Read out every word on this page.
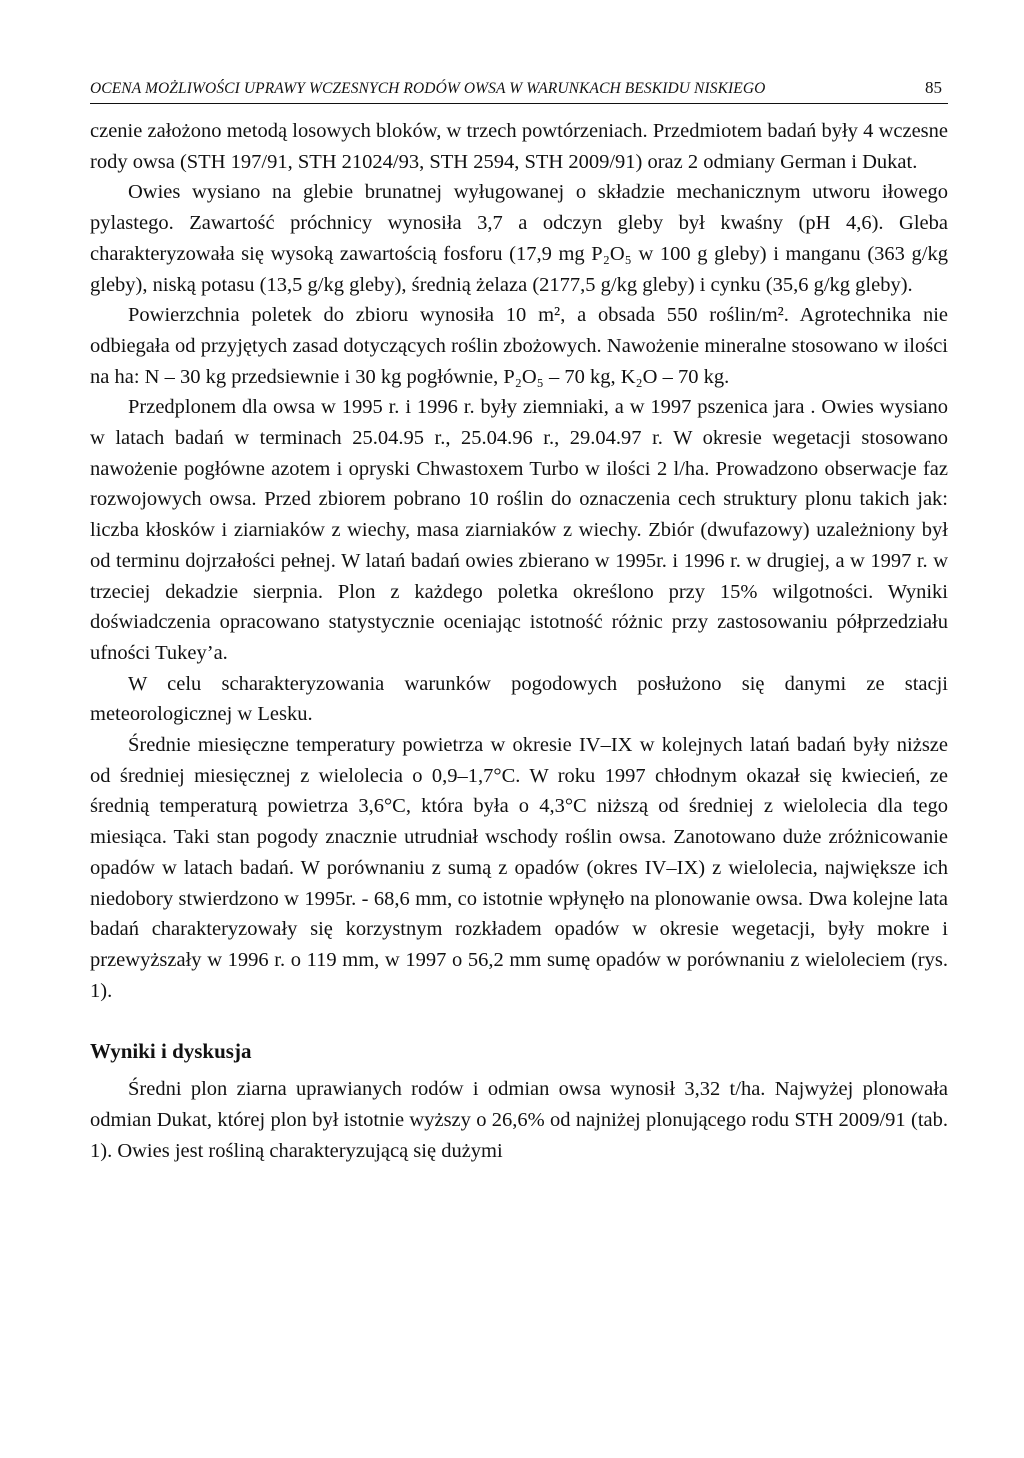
OCENA MOŻLIWOŚCI UPRAWY WCZESNYCH RODÓW OWSA W WARUNKACH BESKIDU NISKIEGO	85

czenie założono metodą losowych bloków, w trzech powtórzeniach. Przedmiotem badań były 4 wczesne rody owsa (STH 197/91, STH 21024/93, STH 2594, STH 2009/91) oraz 2 odmiany German i Dukat.

Owies wysiano na glebie brunatnej wyługowanej o składzie mechanicznym utworu iłowego pylastego. Zawartość próchnicy wynosiła 3,7 a odczyn gleby był kwaśny (pH 4,6). Gleba charakteryzowała się wysoką zawartością fosforu (17,9 mg P₂O₅ w 100 g gleby) i manganu (363 g/kg gleby), niską potasu (13,5 g/kg gleby), średnią żelaza (2177,5 g/kg gleby) i cynku (35,6 g/kg gleby).

Powierzchnia poletek do zbioru wynosiła 10 m², a obsada 550 roślin/m². Agrotechnika nie odbiegała od przyjętych zasad dotyczących roślin zbożowych. Nawożenie mineralne stosowano w ilości na ha: N – 30 kg przedsiewnie i 30 kg pogłównie, P₂O₅ – 70 kg, K₂O – 70 kg.

Przedplonem dla owsa w 1995 r. i 1996 r. były ziemniaki, a w 1997 pszenica jara . Owies wysiano w latach badań w terminach 25.04.95 r., 25.04.96 r., 29.04.97 r. W okresie wegetacji stosowano nawożenie pogłówne azotem i opryski Chwastoxem Turbo w ilości 2 l/ha. Prowadzono obserwacje faz rozwojowych owsa. Przed zbiorem pobrano 10 roślin do oznaczenia cech struktury plonu takich jak: liczba kłosków i ziarniaków z wiechy, masa ziarniaków z wiechy. Zbiór (dwufazowy) uzależniony był od terminu dojrzałości pełnej. W latań badań owies zbierano w 1995r. i 1996 r. w drugiej, a w 1997 r. w trzeciej dekadzie sierpnia. Plon z każdego poletka określono przy 15% wilgotności. Wyniki doświadczenia opracowano statystycznie oceniając istotność różnic przy zastosowaniu półprzedziału ufności Tukey’a.

W celu scharakteryzowania warunków pogodowych posłużono się danymi ze stacji meteorologicznej w Lesku.

Średnie miesięczne temperatury powietrza w okresie IV–IX w kolejnych latań badań były niższe od średniej miesięcznej z wielolecia o 0,9–1,7°C. W roku 1997 chłodnym okazał się kwiecień, ze średnią temperaturą powietrza 3,6°C, która była o 4,3°C niższą od średniej z wielolecia dla tego miesiąca. Taki stan pogody znacznie utrudniał wschody roślin owsa. Zanotowano duże zróżnicowanie opadów w latach badań. W porównaniu z sumą z opadów (okres IV–IX) z wielolecia, największe ich niedobory stwierdzono w 1995r. - 68,6 mm, co istotnie wpłynęło na plonowanie owsa. Dwa kolejne lata badań charakteryzowały się korzystnym rozkładem opadów w okresie wegetacji, były mokre i przewyższały w 1996 r. o 119 mm, w 1997 o 56,2 mm sumę opadów w porównaniu z wieloleciem (rys. 1).

Wyniki i dyskusja

Średni plon ziarna uprawianych rodów i odmian owsa wynosił 3,32 t/ha. Najwyżej plonowała odmian Dukat, której plon był istotnie wyższy o 26,6% od najniżej plonującego rodu STH 2009/91 (tab. 1). Owies jest rośliną charakteryzującą się dużymi
